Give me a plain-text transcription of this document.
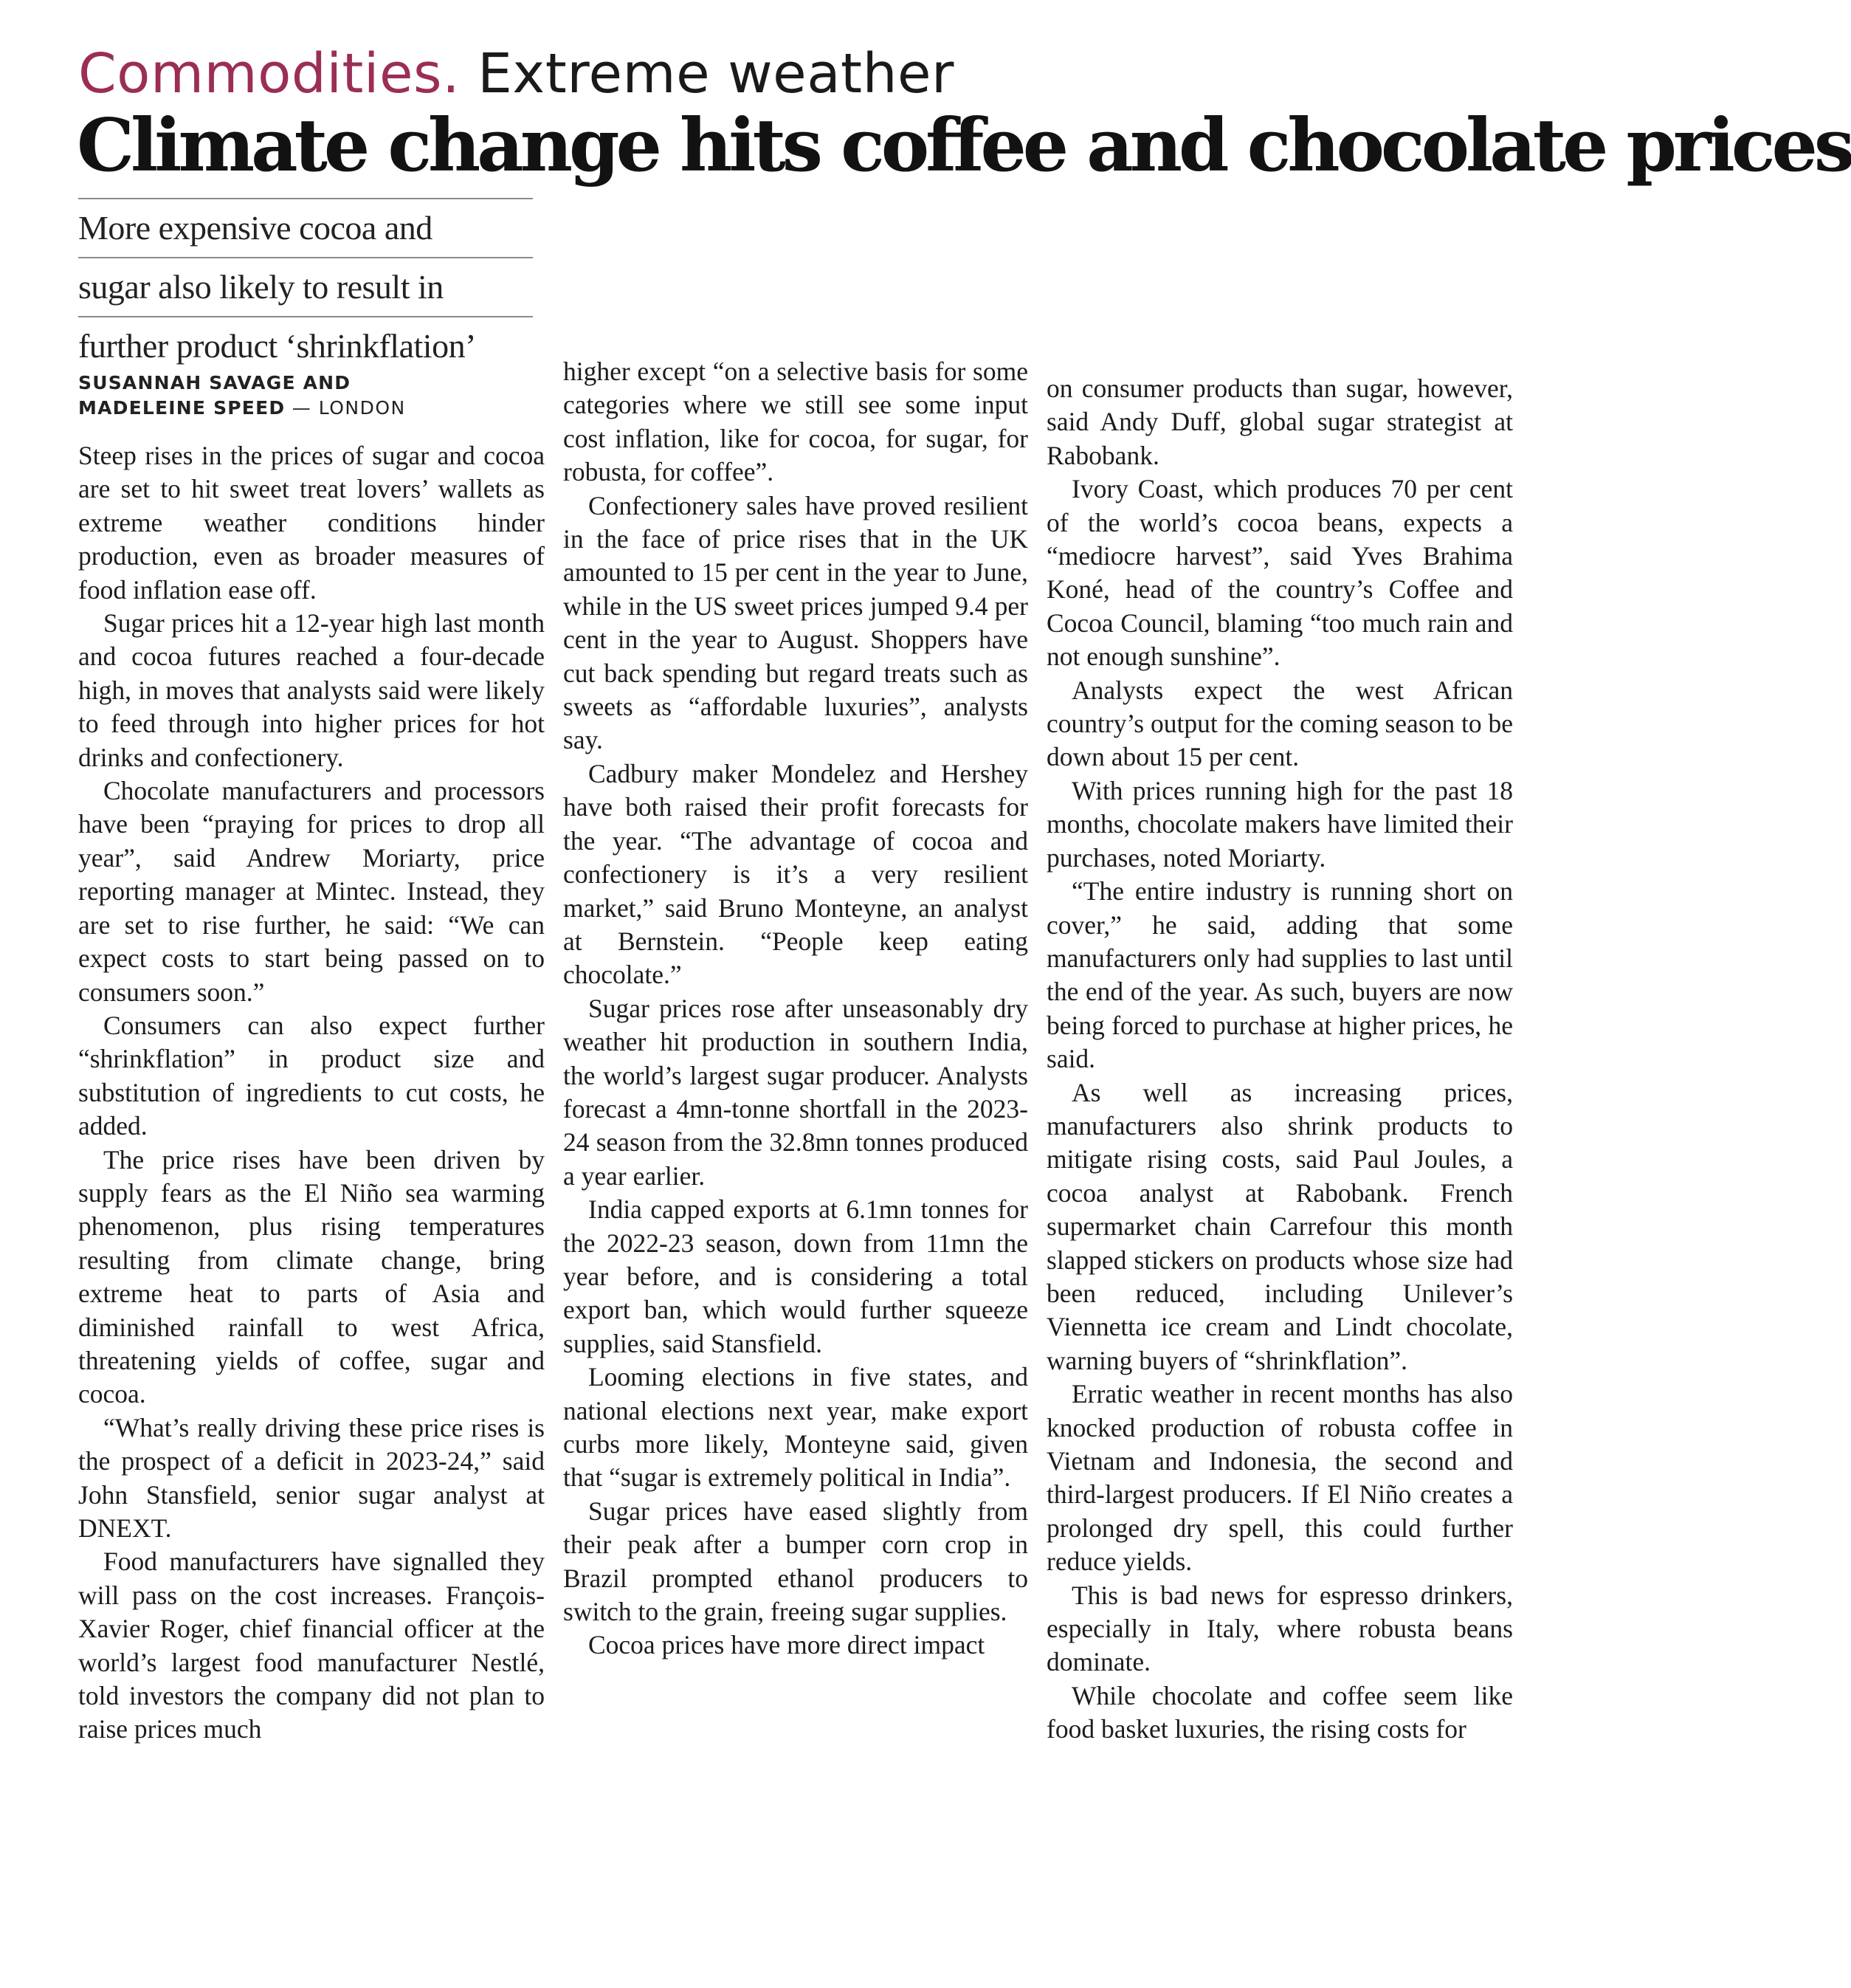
Commodities. Extreme weather
Climate change hits coffee and chocolate prices
More expensive cocoa and
sugar also likely to result in
further product ‘shrinkflation’
SUSANNAH SAVAGE AND
MADELEINE SPEED — LONDON

Steep rises in the prices of sugar and cocoa are set to hit sweet treat lovers’ wallets as extreme weather conditions hinder production, even as broader measures of food inflation ease off.

Sugar prices hit a 12-year high last month and cocoa futures reached a four-decade high, in moves that analysts said were likely to feed through into higher prices for hot drinks and confectionery.

Chocolate manufacturers and processors have been “praying for prices to drop all year”, said Andrew Moriarty, price reporting manager at Mintec. Instead, they are set to rise further, he said: “We can expect costs to start being passed on to consumers soon.”

Consumers can also expect further “shrinkflation” in product size and substitution of ingredients to cut costs, he added.

The price rises have been driven by supply fears as the El Niño sea warming phenomenon, plus rising temperatures resulting from climate change, bring extreme heat to parts of Asia and diminished rainfall to west Africa, threatening yields of coffee, sugar and cocoa.

“What’s really driving these price rises is the prospect of a deficit in 2023-24,” said John Stansfield, senior sugar analyst at DNEXT.

Food manufacturers have signalled they will pass on the cost increases. François-Xavier Roger, chief financial officer at the world’s largest food manufacturer Nestlé, told investors the company did not plan to raise prices much

higher except “on a selective basis for some categories where we still see some input cost inflation, like for cocoa, for sugar, for robusta, for coffee”.

Confectionery sales have proved resilient in the face of price rises that in the UK amounted to 15 per cent in the year to June, while in the US sweet prices jumped 9.4 per cent in the year to August. Shoppers have cut back spending but regard treats such as sweets as “affordable luxuries”, analysts say.

Cadbury maker Mondelez and Hershey have both raised their profit forecasts for the year. “The advantage of cocoa and confectionery is it’s a very resilient market,” said Bruno Monteyne, an analyst at Bernstein. “People keep eating chocolate.”

Sugar prices rose after unseasonably dry weather hit production in southern India, the world’s largest sugar producer. Analysts forecast a 4mn-tonne shortfall in the 2023-24 season from the 32.8mn tonnes produced a year earlier.

India capped exports at 6.1mn tonnes for the 2022-23 season, down from 11mn the year before, and is considering a total export ban, which would further squeeze supplies, said Stansfield.

Looming elections in five states, and national elections next year, make export curbs more likely, Monteyne said, given that “sugar is extremely political in India”.

Sugar prices have eased slightly from their peak after a bumper corn crop in Brazil prompted ethanol producers to switch to the grain, freeing sugar supplies.

Cocoa prices have more direct impact

on consumer products than sugar, however, said Andy Duff, global sugar strategist at Rabobank.

Ivory Coast, which produces 70 per cent of the world’s cocoa beans, expects a “mediocre harvest”, said Yves Brahima Koné, head of the country’s Coffee and Cocoa Council, blaming “too much rain and not enough sunshine”.

Analysts expect the west African country’s output for the coming season to be down about 15 per cent.

With prices running high for the past 18 months, chocolate makers have limited their purchases, noted Moriarty.

“The entire industry is running short on cover,” he said, adding that some manufacturers only had supplies to last until the end of the year. As such, buyers are now being forced to purchase at higher prices, he said.

As well as increasing prices, manufacturers also shrink products to mitigate rising costs, said Paul Joules, a cocoa analyst at Rabobank. French supermarket chain Carrefour this month slapped stickers on products whose size had been reduced, including Unilever’s Viennetta ice cream and Lindt chocolate, warning buyers of “shrinkflation”.

Erratic weather in recent months has also knocked production of robusta coffee in Vietnam and Indonesia, the second and third-largest producers. If El Niño creates a prolonged dry spell, this could further reduce yields.

This is bad news for espresso drinkers, especially in Italy, where robusta beans dominate.

While chocolate and coffee seem like food basket luxuries, the rising costs for
